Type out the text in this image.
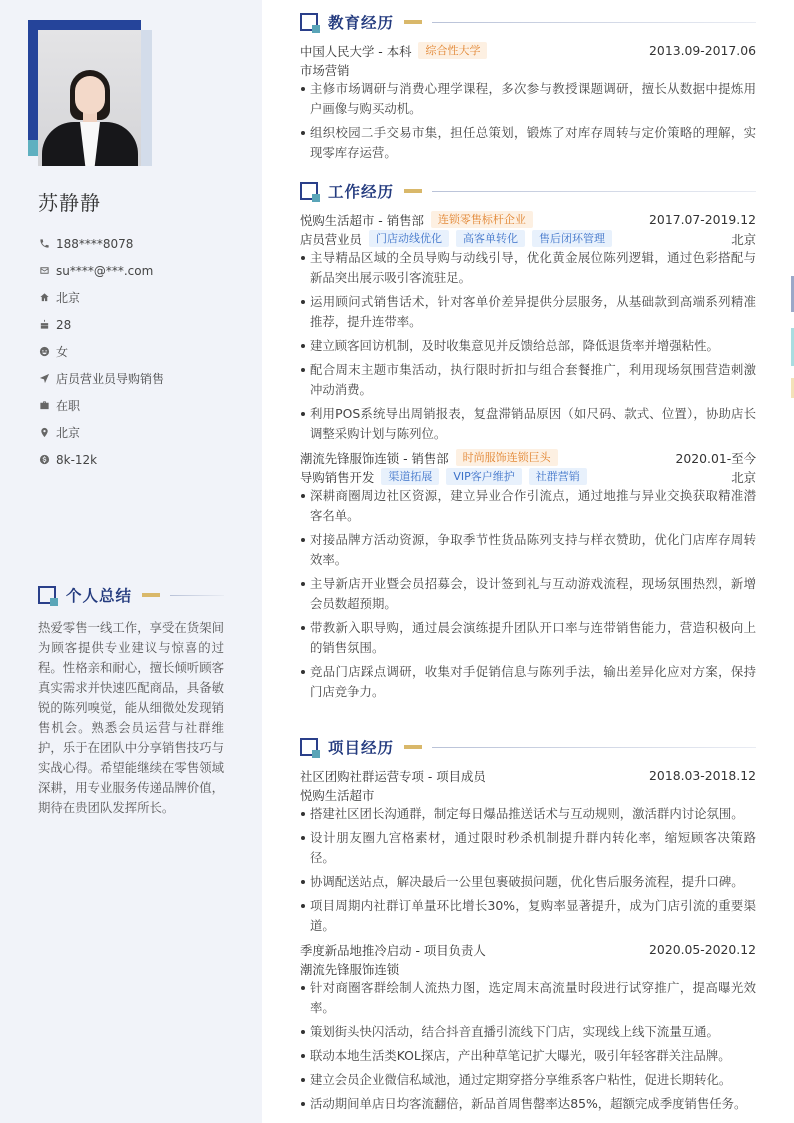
苏静静
188****8078
su****@***.com
北京
28
女
店员营业员导购销售
在职
北京
8k-12k
个人总结

热爱零售一线工作，享受在货架间为顾客提供专业建议与惊喜的过程。性格亲和耐心，擅长倾听顾客真实需求并快速匹配商品，具备敏锐的陈列嗅觉，能从细微处发现销售机会。熟悉会员运营与社群维护，乐于在团队中分享销售技巧与实战心得。希望能继续在零售领域深耕，用专业服务传递品牌价值，期待在贵团队发挥所长。

教育经历
中国人民大学 - 本科	综合性大学	2013.09-2017.06
市场营销
主修市场调研与消费心理学课程，多次参与教授课题调研，擅长从数据中提炼用户画像与购买动机。
组织校园二手交易市集，担任总策划，锻炼了对库存周转与定价策略的理解，实现零库存运营。
工作经历
悦购生活超市 - 销售部	连锁零售标杆企业	2017.07-2019.12
店员营业员	门店动线优化	高客单转化	售后闭环管理	北京
主导精品区域的全员导购与动线引导，优化黄金展位陈列逻辑，通过色彩搭配与新品突出展示吸引客流驻足。
运用顾问式销售话术，针对客单价差异提供分层服务，从基础款到高端系列精准推荐，提升连带率。
建立顾客回访机制，及时收集意见并反馈给总部，降低退货率并增强粘性。
配合周末主题市集活动，执行限时折扣与组合套餐推广，利用现场氛围营造刺激冲动消费。
利用POS系统导出周销报表，复盘滞销品原因（如尺码、款式、位置），协助店长调整采购计划与陈列位。
潮流先锋服饰连锁 - 销售部	时尚服饰连锁巨头	2020.01-至今
导购销售开发	渠道拓展	VIP客户维护	社群营销	北京
深耕商圈周边社区资源，建立异业合作引流点，通过地推与异业交换获取精准潜客名单。
对接品牌方活动资源，争取季节性货品陈列支持与样衣赞助，优化门店库存周转效率。
主导新店开业暨会员招募会，设计签到礼与互动游戏流程，现场氛围热烈，新增会员数超预期。
带教新入职导购，通过晨会演练提升团队开口率与连带销售能力，营造积极向上的销售氛围。
竞品门店踩点调研，收集对手促销信息与陈列手法，输出差异化应对方案，保持门店竞争力。
项目经历
社区团购社群运营专项 - 项目成员	2018.03-2018.12
悦购生活超市
搭建社区团长沟通群，制定每日爆品推送话术与互动规则，激活群内讨论氛围。
设计朋友圈九宫格素材，通过限时秒杀机制提升群内转化率，缩短顾客决策路径。
协调配送站点，解决最后一公里包裹破损问题，优化售后服务流程，提升口碑。
项目周期内社群订单量环比增长30%，复购率显著提升，成为门店引流的重要渠道。
季度新品地推冷启动 - 项目负责人	2020.05-2020.12
潮流先锋服饰连锁
针对商圈客群绘制人流热力图，选定周末高流量时段进行试穿推广，提高曝光效率。
策划街头快闪活动，结合抖音直播引流线下门店，实现线上线下流量互通。
联动本地生活类KOL探店，产出种草笔记扩大曝光，吸引年轻客群关注品牌。
建立会员企业微信私域池，通过定期穿搭分享维系客户粘性，促进长期转化。
活动期间单店日均客流翻倍，新品首周售罄率达85%，超额完成季度销售任务。
